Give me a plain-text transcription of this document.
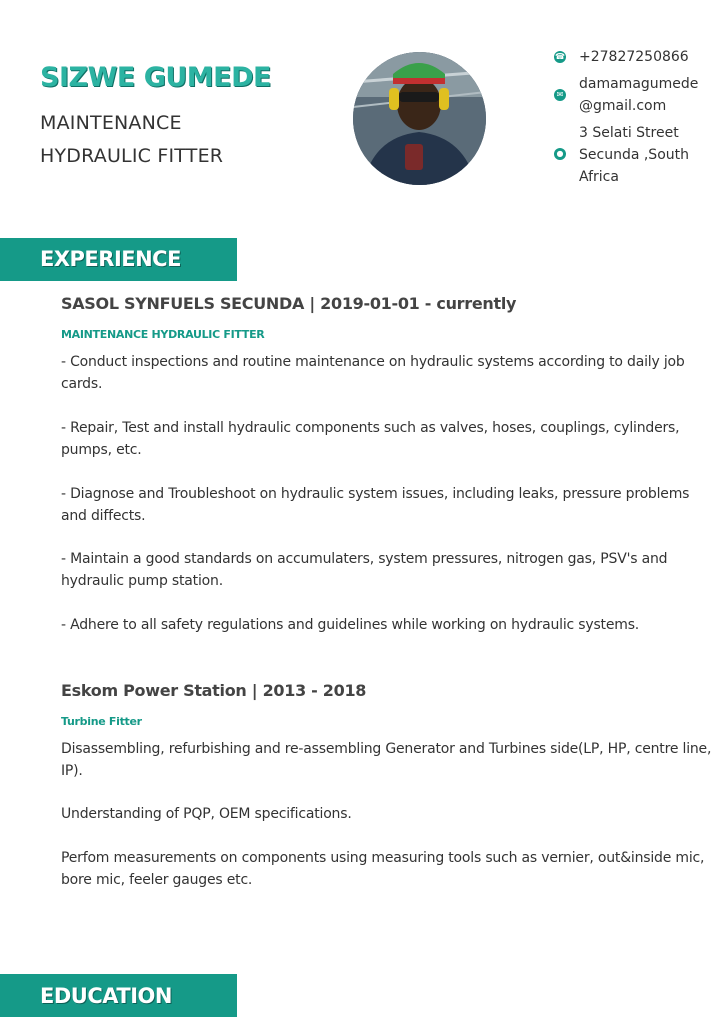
SIZWE GUMEDE
MAINTENANCE
HYDRAULIC FITTER
☎ +27827250866
✉
damamagumede
@gmail.com
●
3 Selati Street
Secunda ,South
Africa
EXPERIENCE
SASOL SYNFUELS SECUNDA | 2019-01-01 - currently
MAINTENANCE HYDRAULIC FITTER
- Conduct inspections and routine maintenance on hydraulic systems according to daily job cards.
- Repair, Test and install hydraulic components such as valves, hoses, couplings, cylinders, pumps, etc.
- Diagnose and Troubleshoot on hydraulic system issues, including leaks, pressure problems and diffects.
- Maintain a good standards on accumulaters, system pressures, nitrogen gas, PSV's and hydraulic pump station.
- Adhere to all safety regulations and guidelines while working on hydraulic systems.
Eskom Power Station | 2013 - 2018
Turbine Fitter
Disassembling, refurbishing and re-assembling Generator and Turbines side(LP, HP, centre line, IP).
Understanding of PQP, OEM specifications.
Perfom measurements on components using measuring tools such as vernier, out&inside mic, bore mic, feeler gauges etc.
EDUCATION
